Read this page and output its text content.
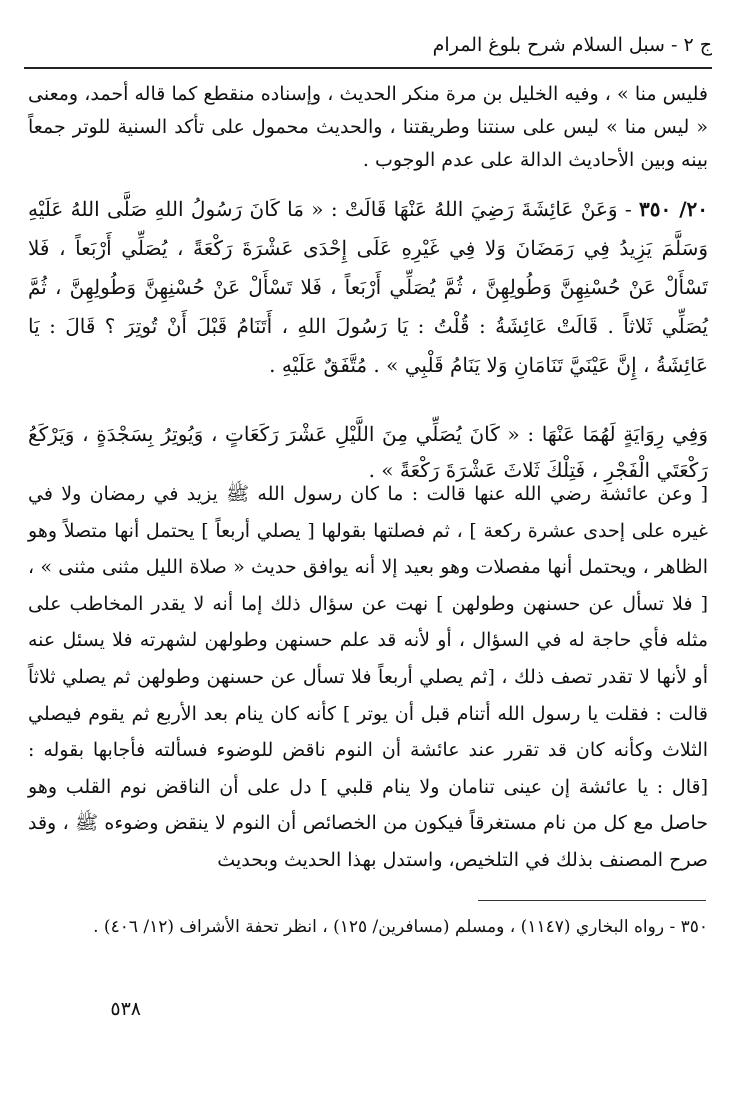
ج ٢ - سبل السلام شرح بلوغ المرام

فليس منا » ، وفيه الخليل بن مرة منكر الحديث ، وإسناده منقطع كما قاله أحمد، ومعنى « ليس منا » ليس على سنتنا وطريقتنا ، والحديث محمول على تأكد السنية للوتر جمعاً بينه وبين الأحاديث الدالة على عدم الوجوب .

٢٠/ ٣٥٠ - وَعَنْ عَائِشَةَ رَضِيَ اللهُ عَنْهَا قَالَتْ : « مَا كَانَ رَسُولُ اللهِ صَلَّى اللهُ عَلَيْهِ وَسَلَّمَ يَزِيدُ فِي رَمَضَانَ وَلا فِي غَيْرِهِ عَلَى إِحْدَى عَشْرَةَ رَكْعَةً ، يُصَلِّي أَرْبَعاً ، فَلا تَسْأَلْ عَنْ حُسْنِهِنَّ وَطُولِهِنَّ ، ثُمَّ يُصَلِّي أَرْبَعاً ، فَلا تَسْأَلْ عَنْ حُسْنِهِنَّ وَطُولِهِنَّ ، ثُمَّ يُصَلِّي ثَلاثاً . قَالَتْ عَائِشَةُ : قُلْتُ : يَا رَسُولَ اللهِ ، أَتَنَامُ قَبْلَ أَنْ تُوتِرَ ؟ قَالَ : يَا عَائِشَةُ ، إِنَّ عَيْنَيَّ تَنَامَانِ وَلا يَنَامُ قَلْبِي » . مُتَّفَقٌ عَلَيْهِ .

وَفِي رِوَايَةٍ لَهُمَا عَنْهَا : « كَانَ يُصَلِّي مِنَ اللَّيْلِ عَشْرَ رَكَعَاتٍ ، وَيُوتِرُ بِسَجْدَةٍ ، وَيَرْكَعُ رَكْعَتَي الْفَجْرِ ، فَتِلْكَ ثَلاثَ عَشْرَةَ رَكْعَةً » .

[ وعن عائشة رضي الله عنها قالت : ما كان رسول الله ﷺ يزيد في رمضان ولا في غيره على إحدى عشرة ركعة ] ، ثم فصلتها بقولها [ يصلي أربعاً ] يحتمل أنها متصلاً وهو الظاهر ، ويحتمل أنها مفصلات وهو بعيد إلا أنه يوافق حديث « صلاة الليل مثنى مثنى » ، [ فلا تسأل عن حسنهن وطولهن ] نهت عن سؤال ذلك إما أنه لا يقدر المخاطب على مثله فأي حاجة له في السؤال ، أو لأنه قد علم حسنهن وطولهن لشهرته فلا يسئل عنه أو لأنها لا تقدر تصف ذلك ، [ثم يصلي أربعاً فلا تسأل عن حسنهن وطولهن ثم يصلي ثلاثاً قالت : فقلت يا رسول الله أتنام قبل أن يوتر ] كأنه كان ينام بعد الأربع ثم يقوم فيصلي الثلاث وكأنه كان قد تقرر عند عائشة أن النوم ناقض للوضوء فسألته فأجابها بقوله : [قال : يا عائشة إن عينى تنامان ولا ينام قلبي ] دل على أن الناقض نوم القلب وهو حاصل مع كل من نام مستغرقاً فيكون من الخصائص أن النوم لا ينقض وضوءه ﷺ ، وقد صرح المصنف بذلك في التلخيص، واستدل بهذا الحديث وبحديث

٣٥٠ - رواه البخاري (١١٤٧) ، ومسلم (مسافرين/ ١٢٥) ، انظر تحفة الأشراف (١٢/ ٤٠٦) .

٥٣٨
